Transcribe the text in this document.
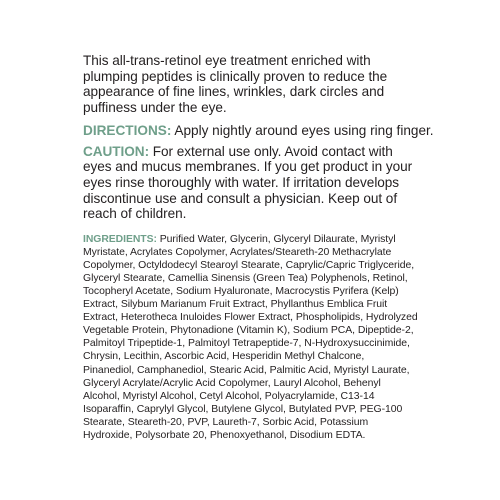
This all-trans-retinol eye treatment enriched with plumping peptides is clinically proven to reduce the appearance of fine lines, wrinkles, dark circles and puffiness under the eye.

DIRECTIONS: Apply nightly around eyes using ring finger.

CAUTION: For external use only. Avoid contact with eyes and mucus membranes. If you get product in your eyes rinse thoroughly with water. If irritation develops discontinue use and consult a physician. Keep out of reach of children.

INGREDIENTS: Purified Water, Glycerin, Glyceryl Dilaurate, Myristyl Myristate, Acrylates Copolymer, Acrylates/Steareth-20 Methacrylate Copolymer, Octyldodecyl Stearoyl Stearate, Caprylic/Capric Triglyceride, Glyceryl Stearate, Camellia Sinensis (Green Tea) Polyphenols, Retinol, Tocopheryl Acetate, Sodium Hyaluronate, Macrocystis Pyrifera (Kelp) Extract, Silybum Marianum Fruit Extract, Phyllanthus Emblica Fruit Extract, Heterotheca Inuloides Flower Extract, Phospholipids, Hydrolyzed Vegetable Protein, Phytonadione (Vitamin K), Sodium PCA, Dipeptide-2, Palmitoyl Tripeptide-1, Palmitoyl Tetrapeptide-7, N-Hydroxysuccinimide, Chrysin, Lecithin, Ascorbic Acid, Hesperidin Methyl Chalcone, Pinanediol, Camphanediol, Stearic Acid, Palmitic Acid, Myristyl Laurate, Glyceryl Acrylate/Acrylic Acid Copolymer, Lauryl Alcohol, Behenyl Alcohol, Myristyl Alcohol, Cetyl Alcohol, Polyacrylamide, C13-14 Isoparaffin, Caprylyl Glycol, Butylene Glycol, Butylated PVP, PEG-100 Stearate, Steareth-20, PVP, Laureth-7, Sorbic Acid, Potassium Hydroxide, Polysorbate 20, Phenoxyethanol, Disodium EDTA.
